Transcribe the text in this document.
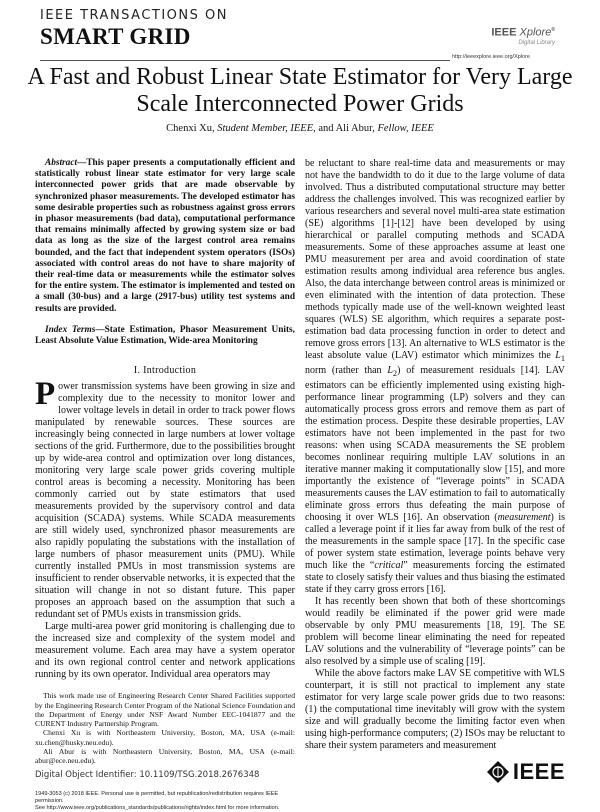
IEEE TRANSACTIONS ON
SMART GRID	IEEE Xplore®
Digital Library
http://ieeexplore.ieee.org/Xplore
A Fast and Robust Linear State Estimator for Very Large Scale Interconnected Power Grids
Chenxi Xu, Student Member, IEEE, and Ali Abur, Fellow, IEEE

Abstract—This paper presents a computationally efficient and statistically robust linear state estimator for very large scale interconnected power grids that are made observable by synchronized phasor measurements. The developed estimator has some desirable properties such as robustness against gross errors in phasor measurements (bad data), computational performance that remains minimally affected by growing system size or bad data as long as the size of the largest control area remains bounded, and the fact that independent system operators (ISOs) associated with control areas do not have to share majority of their real-time data or measurements while the estimator solves for the entire system. The estimator is implemented and tested on a small (30-bus) and a large (2917-bus) utility test systems and results are provided.

Index Terms—State Estimation, Phasor Measurement Units, Least Absolute Value Estimation, Wide-area Monitoring

I. Introduction

Power transmission systems have been growing in size and complexity due to the necessity to monitor lower and lower voltage levels in detail in order to track power flows manipulated by renewable sources. These sources are increasingly being connected in large numbers at lower voltage sections of the grid. Furthermore, due to the possibilities brought up by wide-area control and optimization over long distances, monitoring very large scale power grids covering multiple control areas is becoming a necessity. Monitoring has been commonly carried out by state estimators that used measurements provided by the supervisory control and data acquisition (SCADA) systems. While SCADA measurements are still widely used, synchronized phasor measurements are also rapidly populating the substations with the installation of large numbers of phasor measurement units (PMU). While currently installed PMUs in most transmission systems are insufficient to render observable networks, it is expected that the situation will change in not so distant future. This paper proposes an approach based on the assumption that such a redundant set of PMUs exists in transmission grids.

Large multi-area power grid monitoring is challenging due to the increased size and complexity of the system model and measurement volume. Each area may have a system operator and its own regional control center and network applications running by its own operator. Individual area operators may

This work made use of Engineering Research Center Shared Facilities supported by the Engineering Research Center Program of the National Science Foundation and the Department of Energy under NSF Award Number EEC-1041877 and the CURENT Industry Partnership Program.

Chenxi Xu is with Northeastern University, Boston, MA, USA (e-mail: xu.chen@husky.neu.edu).

Ali Abur is with Northeastern University, Boston, MA, USA (e-mail: abur@ece.neu.edu).

Digital Object Identifier: 10.1109/TSG.2018.2676348
1949-3053 (c) 2018 IEEE. Personal use is permitted, but republication/redistribution requires IEEE permission.
See http://www.ieee.org/publications_standards/publications/rights/index.html for more information.

be reluctant to share real-time data and measurements or may not have the bandwidth to do it due to the large volume of data involved. Thus a distributed computational structure may better address the challenges involved. This was recognized earlier by various researchers and several novel multi-area state estimation (SE) algorithms [1]-[12] have been developed by using hierarchical or parallel computing methods and SCADA measurements. Some of these approaches assume at least one PMU measurement per area and avoid coordination of state estimation results among individual area reference bus angles. Also, the data interchange between control areas is minimized or even eliminated with the intention of data protection. These methods typically made use of the well-known weighted least squares (WLS) SE algorithm, which requires a separate post-estimation bad data processing function in order to detect and remove gross errors [13]. An alternative to WLS estimator is the least absolute value (LAV) estimator which minimizes the $L_1$ norm (rather than $L_2$) of measurement residuals [14]. LAV estimators can be efficiently implemented using existing high-performance linear programming (LP) solvers and they can automatically process gross errors and remove them as part of the estimation process. Despite these desirable properties, LAV estimators have not been implemented in the past for two reasons: when using SCADA measurements the SE problem becomes nonlinear requiring multiple LAV solutions in an iterative manner making it computationally slow [15], and more importantly the existence of “leverage points” in SCADA measurements causes the LAV estimation to fail to automatically eliminate gross errors thus defeating the main purpose of choosing it over WLS [16]. An observation (measurement) is called a leverage point if it lies far away from bulk of the rest of the measurements in the sample space [17]. In the specific case of power system state estimation, leverage points behave very much like the “critical” measurements forcing the estimated state to closely satisfy their values and thus biasing the estimated state if they carry gross errors [16].

It has recently been shown that both of these shortcomings would readily be eliminated if the power grid were made observable by only PMU measurements [18, 19]. The SE problem will become linear eliminating the need for repeated LAV solutions and the vulnerability of “leverage points” can be also resolved by a simple use of scaling [19].

While the above factors make LAV SE competitive with WLS counterpart, it is still not practical to implement any state estimator for very large scale power grids due to two reasons: (1) the computational time inevitably will grow with the system size and will gradually become the limiting factor even when using high-performance computers; (2) ISOs may be reluctant to share their system parameters and measurement

IEEE
